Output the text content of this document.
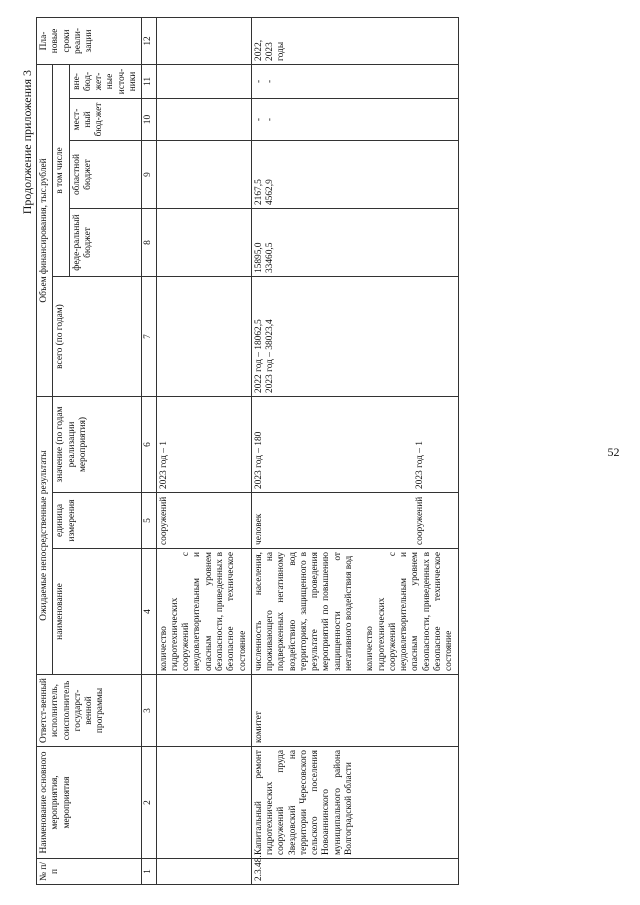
52
Продолжение приложения 3
№ п/п	Наименование основного мероприятия, мероприятия	Ответст-венный исполнитель, соисполнитель государст-венной программы	Ожидаемые непосредственные результаты			Объем финансирования, тыс.рублей					Пла-новые сроки реали-зации
			наименование	единица измерения	значение (по годам реализации мероприятия)	всего (по годам)	в том числе				
							феде-ральный бюджет	областной бюджет	мест-ный бюд-жет	вне-бюд-жет-ные источ-ники	
1	2	3	4	5	6	7	8	9	10	11	12
			количество гидротехнических сооружений с неудовлетворительным и опасным уровнем безопасности, приведенных в безопасное техническое состояние	сооружений	2023 год – 1						
2.3.48.	Капитальный ремонт гидротехнических сооружений пруда Звездовский на территории Чересовского сельского поселения Новоаннинского муниципального района Волгоградской области	комитет	численность населения, проживающего на подверженных негативному воздействию вод территориях, защищенного в результате проведения мероприятий по повышению защищенности от негативного воздействия вод количество гидротехнических сооружений с неудовлетворительным и опасным уровнем безопасности, приведенных в безопасное техническое состояние	человек сооружений	2023 год – 180 2023 год – 1	2022 год – 18062,5 2023 год – 38023,4	15895,0 33460,5	2167,5 4562,9	- -	- -	2022, 2023 годы
